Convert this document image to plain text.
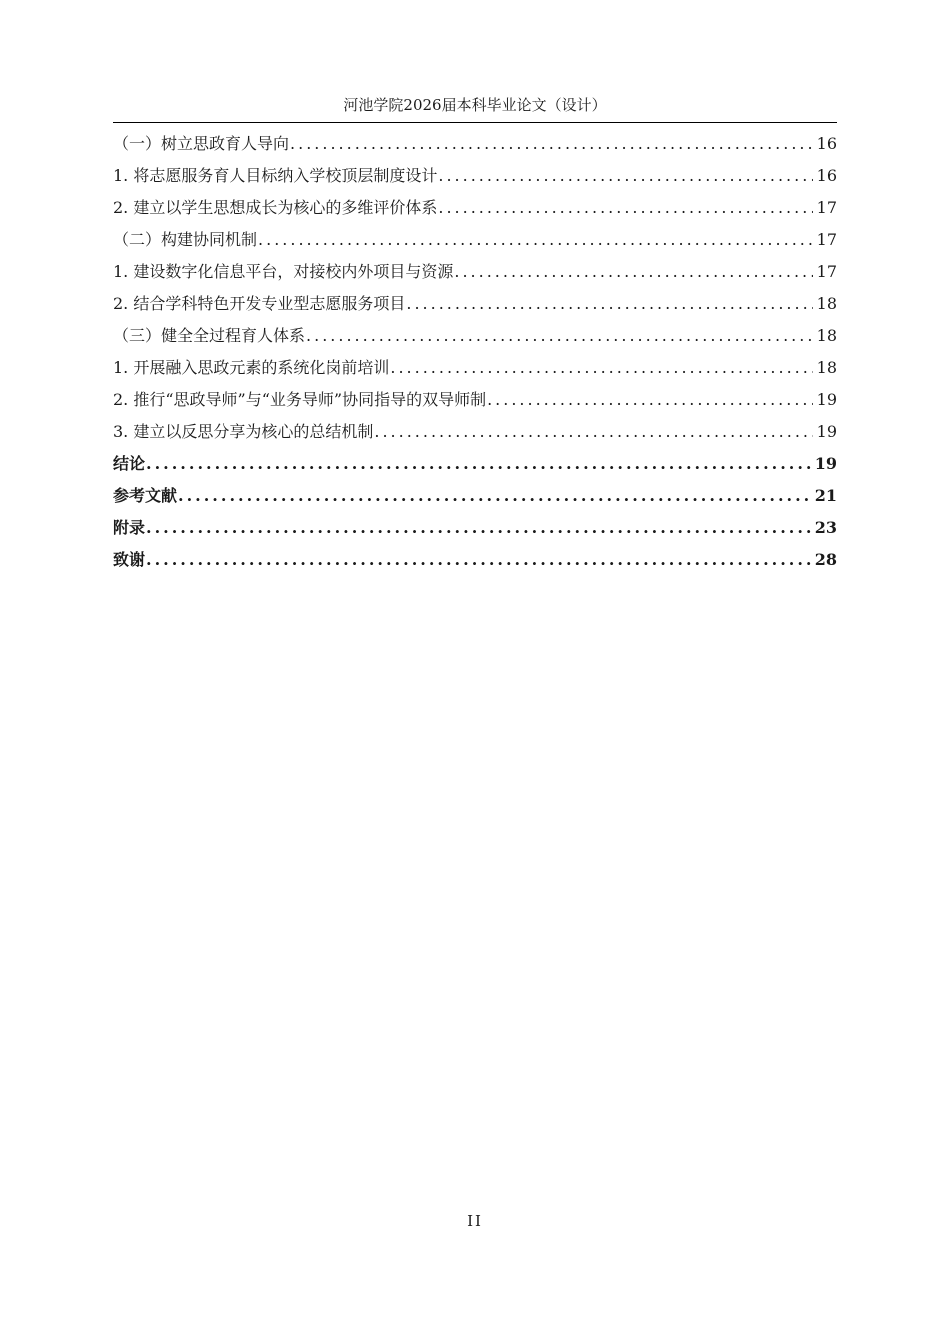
河池学院2026届本科毕业论文（设计）
（一）树立思政育人导向 .....	16
1. 将志愿服务育人目标纳入学校顶层制度设计 .....	16
2. 建立以学生思想成长为核心的多维评价体系 .....	17
（二）构建协同机制 .....	17
1. 建设数字化信息平台，对接校内外项目与资源 .....	17
2. 结合学科特色开发专业型志愿服务项目 .....	18
（三）健全全过程育人体系 .....	18
1. 开展融入思政元素的系统化岗前培训 .....	18
2. 推行“思政导师”与“业务导师”协同指导的双导师制 .....	19
3. 建立以反思分享为核心的总结机制 .....	19
结论 .....	19
参考文献 .....	21
附录 .....	23
致谢 .....	28
II
